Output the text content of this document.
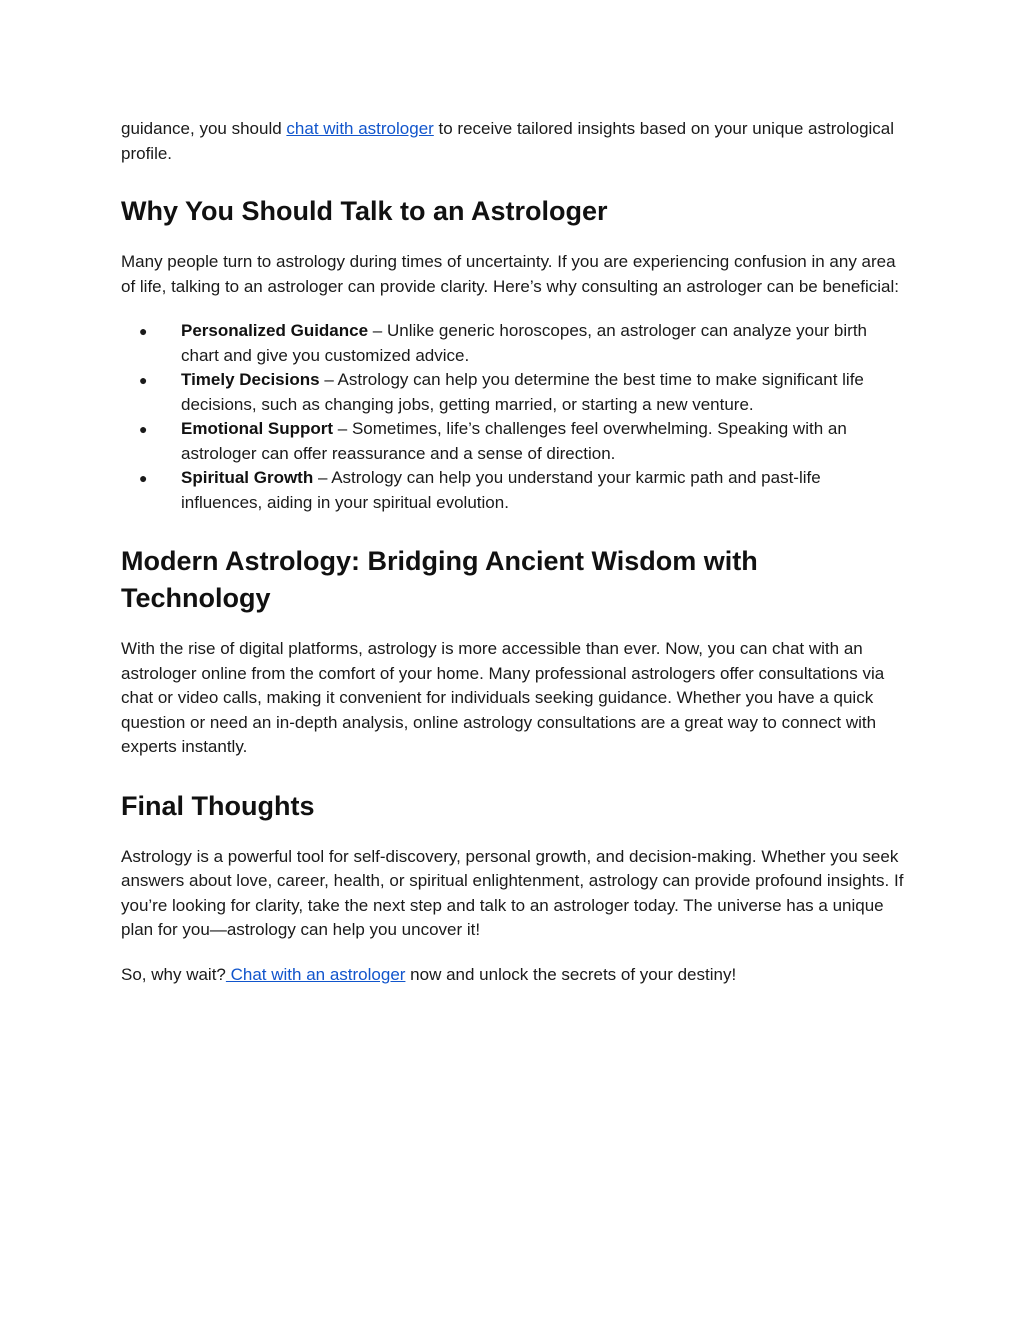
guidance, you should chat with astrologer to receive tailored insights based on your unique astrological profile.

Why You Should Talk to an Astrologer

Many people turn to astrology during times of uncertainty. If you are experiencing confusion in any area of life, talking to an astrologer can provide clarity. Here’s why consulting an astrologer can be beneficial:

● Personalized Guidance – Unlike generic horoscopes, an astrologer can analyze your birth chart and give you customized advice.
● Timely Decisions – Astrology can help you determine the best time to make significant life decisions, such as changing jobs, getting married, or starting a new venture.
● Emotional Support – Sometimes, life’s challenges feel overwhelming. Speaking with an astrologer can offer reassurance and a sense of direction.
● Spiritual Growth – Astrology can help you understand your karmic path and past-life influences, aiding in your spiritual evolution.
Modern Astrology: Bridging Ancient Wisdom with Technology

With the rise of digital platforms, astrology is more accessible than ever. Now, you can chat with an astrologer online from the comfort of your home. Many professional astrologers offer consultations via chat or video calls, making it convenient for individuals seeking guidance. Whether you have a quick question or need an in-depth analysis, online astrology consultations are a great way to connect with experts instantly.

Final Thoughts

Astrology is a powerful tool for self-discovery, personal growth, and decision-making. Whether you seek answers about love, career, health, or spiritual enlightenment, astrology can provide profound insights. If you’re looking for clarity, take the next step and talk to an astrologer today. The universe has a unique plan for you—astrology can help you uncover it!

So, why wait? Chat with an astrologer now and unlock the secrets of your destiny!
